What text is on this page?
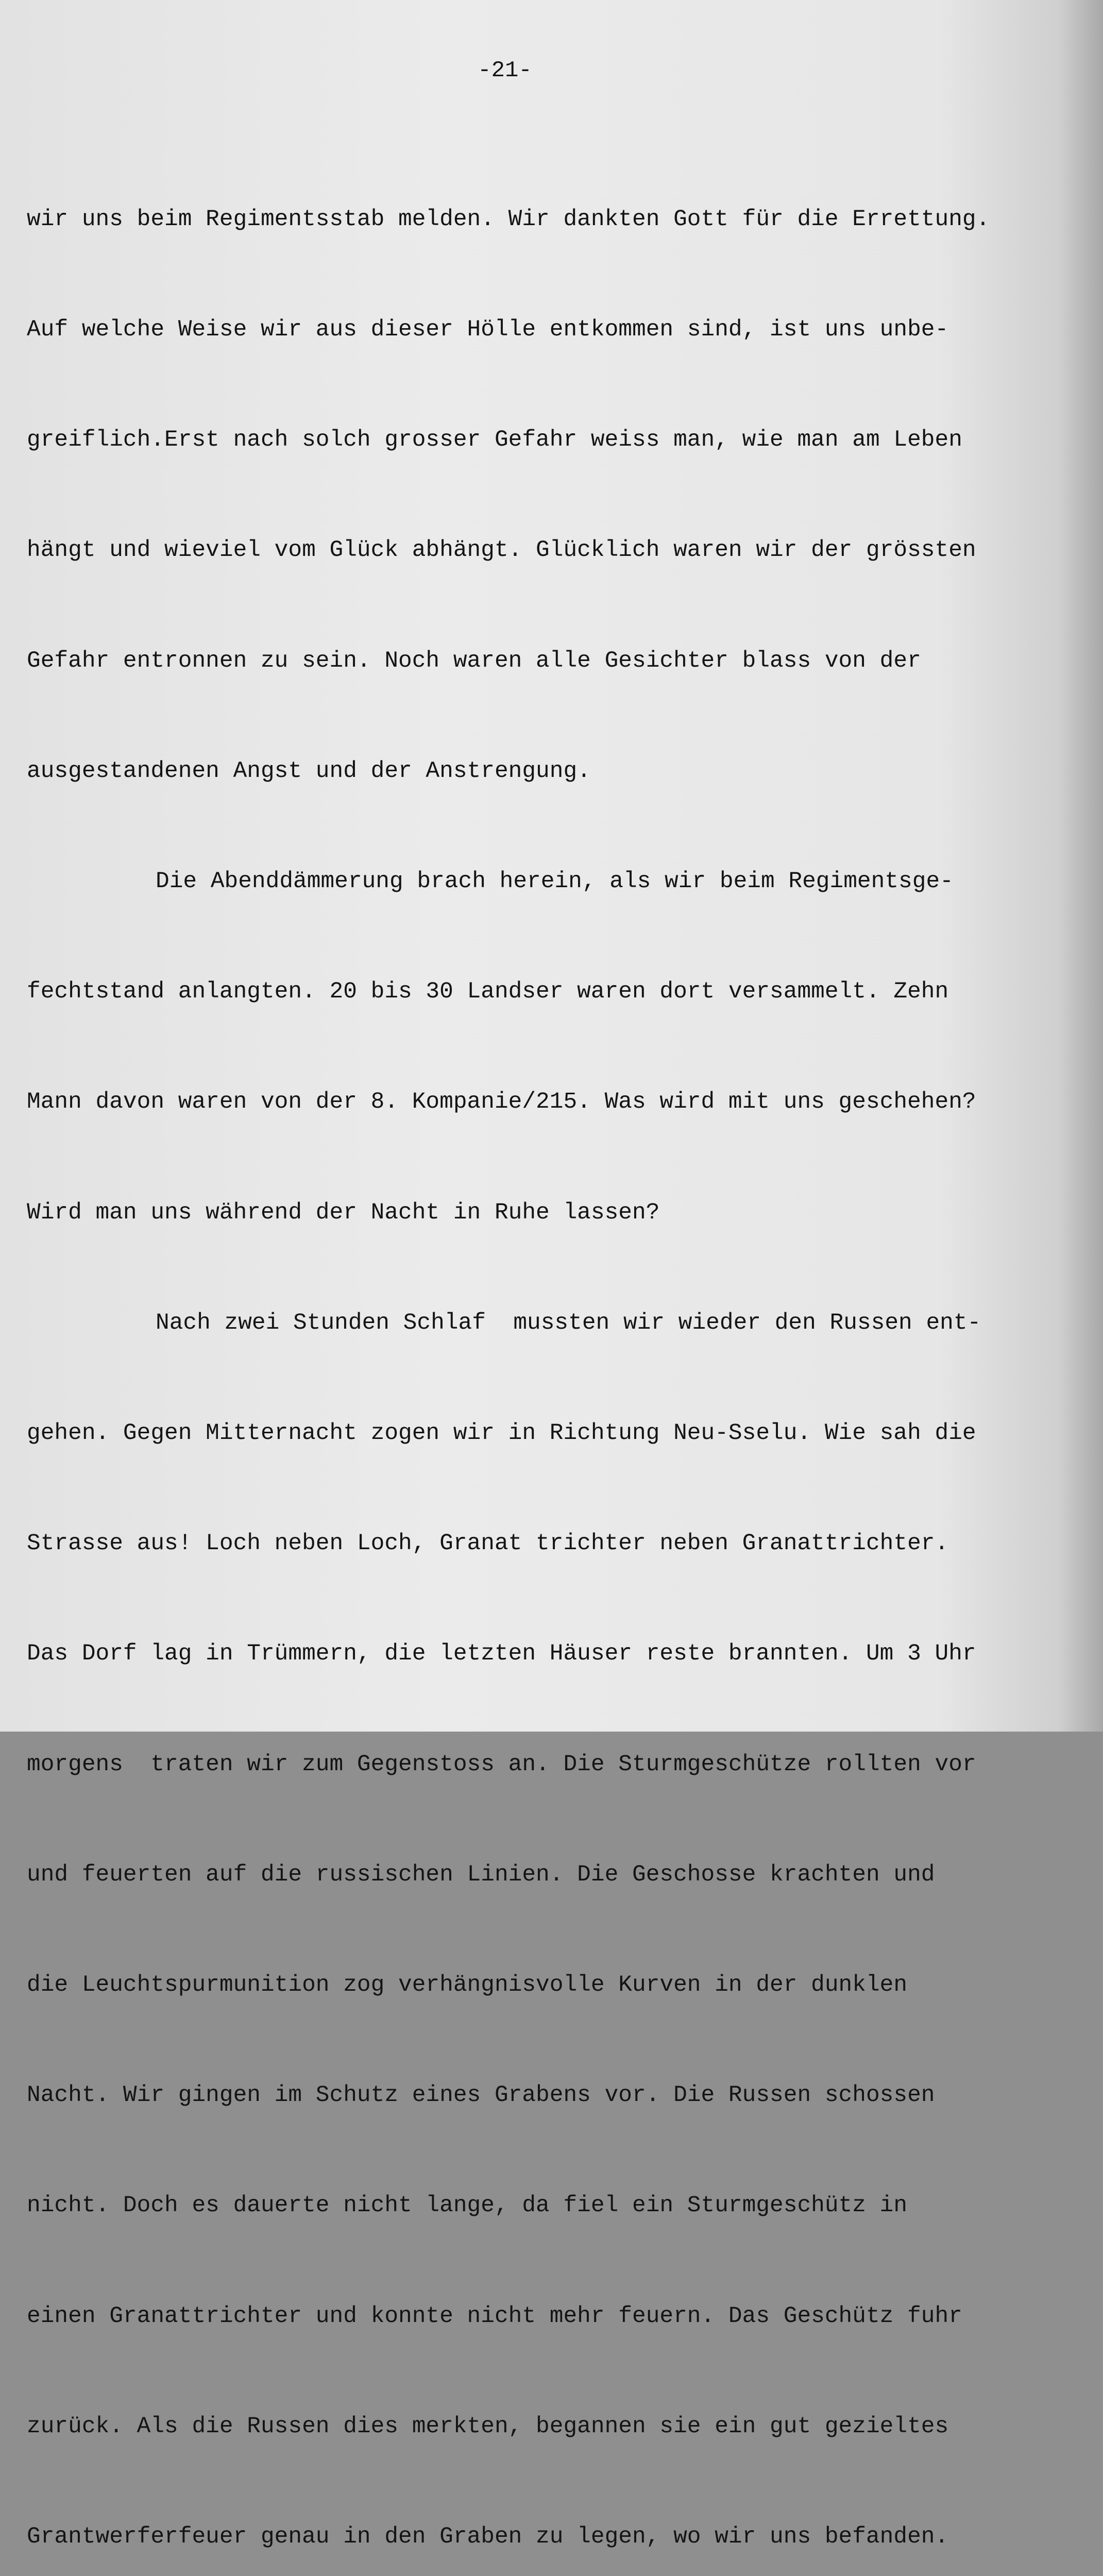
-21-

wir uns beim Regimentsstab melden. Wir dankten Gott für die Errettung.

Auf welche Weise wir aus dieser Hölle entkommen sind, ist uns unbe-

greiflich.Erst nach solch grosser Gefahr weiss man, wie man am Leben

hängt und wieviel vom Glück abhängt. Glücklich waren wir der grössten

Gefahr entronnen zu sein. Noch waren alle Gesichter blass von der

ausgestandenen Angst und der Anstrengung.

Die Abenddämmerung brach herein, als wir beim Regimentsge-

fechtstand anlangten. 20 bis 30 Landser waren dort versammelt. Zehn

Mann davon waren von der 8. Kompanie/215. Was wird mit uns geschehen?

Wird man uns während der Nacht in Ruhe lassen?

Nach zwei Stunden Schlaf  mussten wir wieder den Russen ent-

gehen. Gegen Mitternacht zogen wir in Richtung Neu-Sselu. Wie sah die

Strasse aus! Loch neben Loch, Granat trichter neben Granattrichter.

Das Dorf lag in Trümmern, die letzten Häuser reste brannten. Um 3 Uhr

morgens  traten wir zum Gegenstoss an. Die Sturmgeschütze rollten vor

und feuerten auf die russischen Linien. Die Geschosse krachten und

die Leuchtspurmunition zog verhängnisvolle Kurven in der dunklen

Nacht. Wir gingen im Schutz eines Grabens vor. Die Russen schossen

nicht. Doch es dauerte nicht lange, da fiel ein Sturmgeschütz in

einen Granattrichter und konnte nicht mehr feuern. Das Geschütz fuhr

zurück. Als die Russen dies merkten, begannen sie ein gut gezieltes

Grantwerferfeuer genau in den Graben zu legen, wo wir uns befanden.
